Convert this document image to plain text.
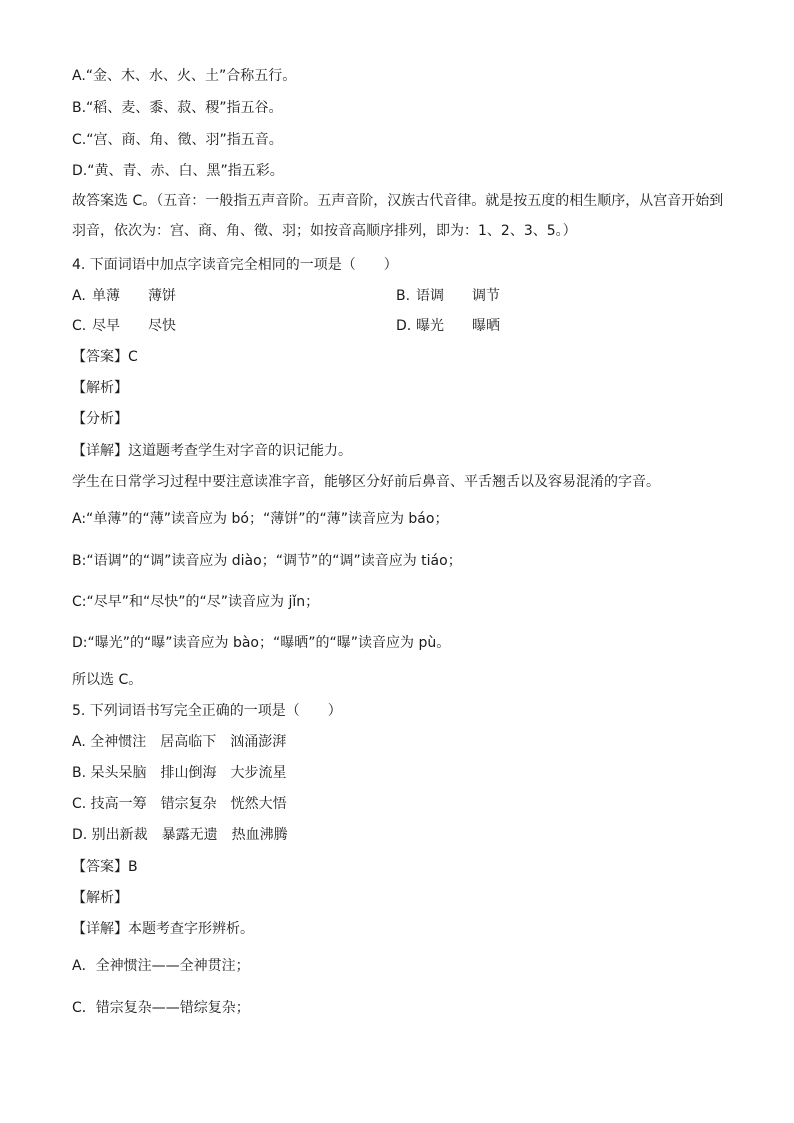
A.“金、木、水、火、土”合称五行。
B.“稻、麦、黍、菽、稷”指五谷。
C.“宫、商、角、徵、羽”指五音。
D.“黄、青、赤、白、黑”指五彩。
故答案选 C。（五音：一般指五声音阶。五声音阶，汉族古代音律。就是按五度的相生顺序，从宫音开始到
羽音，依次为：宫、商、角、徵、羽；如按音高顺序排列，即为：1、2、3、5。）
4. 下面词语中加点字读音完全相同的一项是（　　）
A. 单薄 薄饼	B. 语调 调节
C. 尽早 尽快	D. 曝光 曝晒
【答案】C
【解析】
【分析】
【详解】这道题考查学生对字音的识记能力。
学生在日常学习过程中要注意读准字音，能够区分好前后鼻音、平舌翘舌以及容易混淆的字音。
A:“单薄”的“薄”读音应为 bó；“薄饼”的“薄”读音应为 báo；
B:“语调”的“调”读音应为 diào；“调节”的“调”读音应为 tiáo；
C:“尽早”和“尽快”的“尽”读音应为 jǐn；
D:“曝光”的“曝”读音应为 bào；“曝晒”的“曝”读音应为 pù。
所以选 C。
5. 下列词语书写完全正确的一项是（　　）
A. 全神惯注　居高临下　汹涌澎湃
B. 呆头呆脑　排山倒海　大步流星
C. 技高一筹　错宗复杂　恍然大悟
D. 别出新裁　暴露无遗　热血沸腾
【答案】B
【解析】
【详解】本题考查字形辨析。
A．全神惯注——全神贯注；
C．错宗复杂——错综复杂；
